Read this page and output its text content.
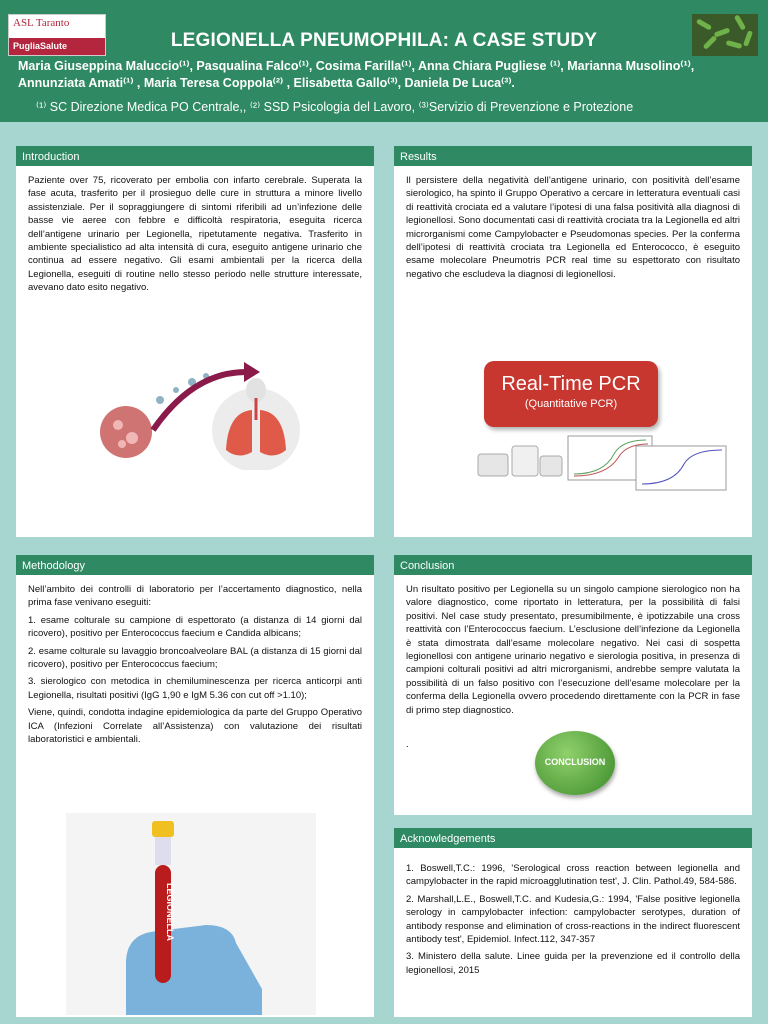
ASL Taranto
PugliaSalute	LEGIONELLA PNEUMOPHILA: A CASE STUDY
Maria Giuseppina Maluccio⁽¹⁾, Pasqualina Falco⁽¹⁾, Cosima Farilla⁽¹⁾, Anna Chiara Pugliese ⁽¹⁾, Marianna Musolino⁽¹⁾,
Annunziata Amati⁽¹⁾ , Maria Teresa Coppola⁽²⁾ , Elisabetta Gallo⁽³⁾, Daniela De Luca⁽³⁾.
⁽¹⁾ SC Direzione Medica PO Centrale,, ⁽²⁾ SSD Psicologia del Lavoro, ⁽³⁾Servizio di Prevenzione e Protezione
Introduction
Paziente over 75, ricoverato per embolia con infarto cerebrale. Superata la fase acuta, trasferito per il prosieguo delle cure in struttura a minore livello assistenziale. Per il sopraggiungere di sintomi riferibili ad un’infezione delle basse vie aeree con febbre e difficoltà respiratoria, eseguita ricerca dell’antigene urinario per Legionella, ripetutamente negativa. Trasferito in ambiente specialistico ad alta intensità di cura, eseguito antigene urinario che continua ad essere negativo. Gli esami ambientali per la ricerca della Legionella, eseguiti di routine nello stesso periodo nelle strutture interessate, avevano dato esito negativo.
Results
Il persistere della negatività dell’antigene urinario, con positività dell’esame sierologico, ha spinto il Gruppo Operativo a cercare in letteratura eventuali casi di reattività crociata ed a valutare l’ipotesi di una falsa positività alla diagnosi di legionellosi. Sono documentati casi di reattività crociata tra la Legionella ed altri microrganismi come Campylobacter e Pseudomonas species. Per la conferma dell’ipotesi di reattività crociata tra Legionella ed Enterococco, è eseguito esame molecolare Pneumotris PCR real time su espettorato con risultato negativo che escludeva la diagnosi di legionellosi.
Real-Time PCR
(Quantitative PCR)
Methodology

Nell’ambito dei controlli di laboratorio per l’accertamento diagnostico, nella prima fase venivano eseguiti:

1. esame colturale su campione di espettorato (a distanza di 14 giorni dal ricovero), positivo per Enterococcus faecium e Candida albicans;

2. esame colturale su lavaggio broncoalveolare BAL (a distanza di 15 giorni dal ricovero), positivo per Enterococcus faecium;

3. sierologico con metodica in chemiluminescenza per ricerca anticorpi anti Legionella, risultati positivi (IgG 1,90 e IgM 5.36 con cut off >1.10);

Viene, quindi, condotta indagine epidemiologica da parte del Gruppo Operativo ICA (Infezioni Correlate all’Assistenza) con valutazione dei risultati laboratoristici e ambientali.

LEGIONELLA
Conclusion
Un risultato positivo per Legionella su un singolo campione sierologico non ha valore diagnostico, come riportato in letteratura, per la possibilità di falsi positivi. Nel case study presentato, presumibilmente, è ipotizzabile una cross reattività con l’Enterococcus faecium. L’esclusione dell’infezione da Legionella è stata dimostrata dall’esame molecolare negativo. Nei casi di sospetta legionellosi con antigene urinario negativo e sierologia positiva, in presenza di campioni colturali positivi ad altri microrganismi, andrebbe sempre valutata la possibilità di un falso positivo con l’esecuzione dell’esame molecolare per la conferma della Legionella ovvero procedendo direttamente con la PCR in fase di primo step diagnostico.
.
CONCLUSION
Acknowledgements

1. Boswell,T.C.: 1996, 'Serological cross reaction between legionella and campylobacter in the rapid microagglutination test', J. Clin. Pathol.49, 584-586.

2. Marshall,L.E., Boswell,T.C. and Kudesia,G.: 1994, 'False positive legionella serology in campylobacter infection: campylobacter serotypes, duration of antibody response and elimination of cross-reactions in the indirect fluorescent antibody test', Epidemiol. Infect.112, 347-357

3. Ministero della salute. Linee guida per la prevenzione ed il controllo della legionellosi, 2015
